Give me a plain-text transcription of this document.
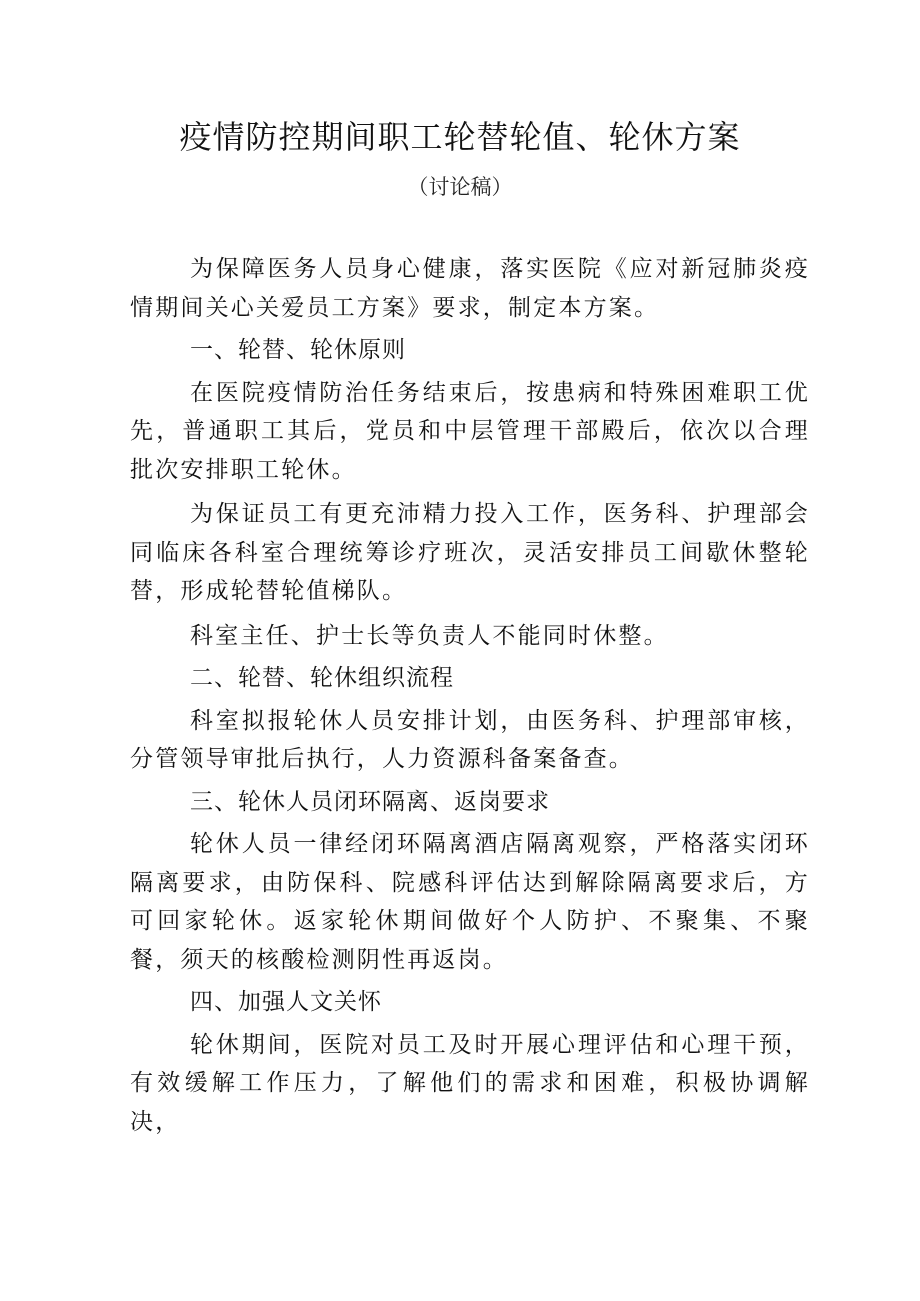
疫情防控期间职工轮替轮值、轮休方案
（讨论稿）

为保障医务人员身心健康，落实医院《应对新冠肺炎疫情期间关心关爱员工方案》要求，制定本方案。

一、轮替、轮休原则

在医院疫情防治任务结束后，按患病和特殊困难职工优先，普通职工其后，党员和中层管理干部殿后，依次以合理批次安排职工轮休。

为保证员工有更充沛精力投入工作，医务科、护理部会同临床各科室合理统筹诊疗班次，灵活安排员工间歇休整轮替，形成轮替轮值梯队。

科室主任、护士长等负责人不能同时休整。

二、轮替、轮休组织流程

科室拟报轮休人员安排计划，由医务科、护理部审核，分管领导审批后执行，人力资源科备案备查。

三、轮休人员闭环隔离、返岗要求

轮休人员一律经闭环隔离酒店隔离观察，严格落实闭环隔离要求，由防保科、院感科评估达到解除隔离要求后，方可回家轮休。返家轮休期间做好个人防护、不聚集、不聚餐，须天的核酸检测阴性再返岗。

四、加强人文关怀

轮休期间，医院对员工及时开展心理评估和心理干预，有效缓解工作压力，了解他们的需求和困难，积极协调解决，
